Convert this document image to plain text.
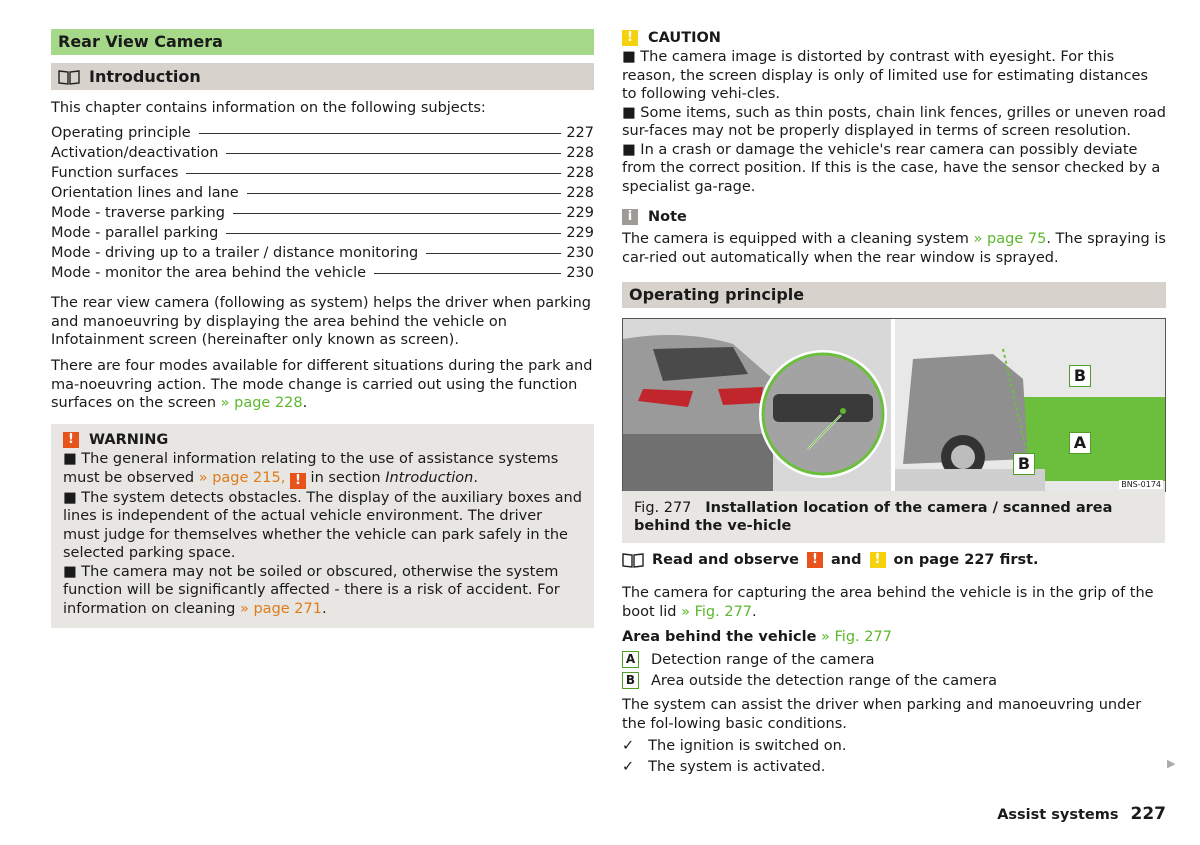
Rear View Camera
Introduction

This chapter contains information on the following subjects:

Operating principle	227
Activation/deactivation	228
Function surfaces	228
Orientation lines and lane	228
Mode - traverse parking	229
Mode - parallel parking	229
Mode - driving up to a trailer / distance monitoring	230
Mode - monitor the area behind the vehicle	230

The rear view camera (following as system) helps the driver when parking and manoeuvring by displaying the area behind the vehicle on Infotainment screen (hereinafter only known as screen).

There are four modes available for different situations during the park and ma-noeuvring action. The mode change is carried out using the function surfaces on the screen » page 228.

!	WARNING

■ The general information relating to the use of assistance systems must be observed » page 215, ! in section Introduction.

■ The system detects obstacles. The display of the auxiliary boxes and lines is independent of the actual vehicle environment. The driver must judge for themselves whether the vehicle can park safely in the selected parking space.

■ The camera may not be soiled or obscured, otherwise the system function will be significantly affected - there is a risk of accident. For information on cleaning » page 271.

!	CAUTION

■ The camera image is distorted by contrast with eyesight. For this reason, the screen display is only of limited use for estimating distances to following vehi-cles.

■ Some items, such as thin posts, chain link fences, grilles or uneven road sur-faces may not be properly displayed in terms of screen resolution.

■ In a crash or damage the vehicle's rear camera can possibly deviate from the correct position. If this is the case, have the sensor checked by a specialist ga-rage.

i	Note

The camera is equipped with a cleaning system » page 75. The spraying is car-ried out automatically when the rear window is sprayed.

Operating principle
B
A
B
BNS-0174
Fig. 277 Installation location of the camera / scanned area behind the ve-hicle
Read and observe	! and	! on page 227 first.

The camera for capturing the area behind the vehicle is in the grip of the boot lid » Fig. 277.

Area behind the vehicle » Fig. 277

A Detection range of the camera
B Area outside the detection range of the camera

The system can assist the driver when parking and manoeuvring under the fol-lowing basic conditions.

✓ The ignition is switched on.
✓ The system is activated.	▶
Assist systems 227
